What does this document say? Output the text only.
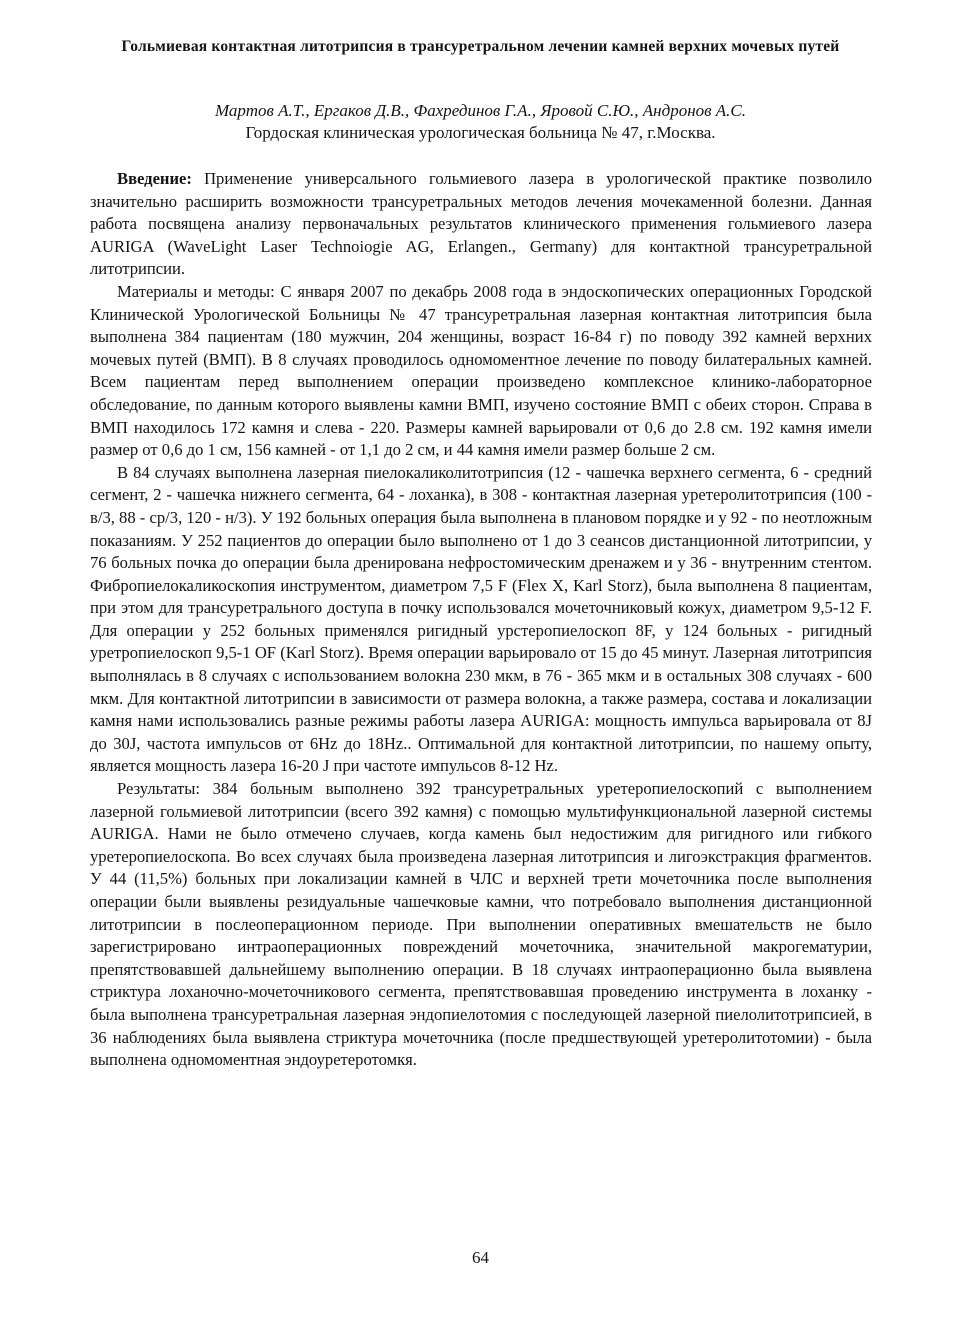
Гольмиевая контактная литотрипсия в трансуретральном лечении камней верхних мочевых путей
Мартов А.Т., Ергаков Д.В., Фахрединов Г.А., Яровой С.Ю., Андронов А.С.
Гордоская клиническая урологическая больница № 47, г.Москва.

Введение: Применение универсального гольмиевого лазера в урологической практике позволило значительно расширить возможности трансуретральных методов лечения мочекаменной болезни. Данная работа посвящена анализу первоначальных результатов клинического применения гольмиевого лазера AURIGA (WaveLight Laser Technoiogie AG, Erlangen., Germany) для контактной трансуретральной литотрипсии.

Материалы и методы: С января 2007 по декабрь 2008 года в эндоскопических операционных Городской Клинической Урологической Больницы № 47 трансуретральная лазерная контактная литотрипсия была выполнена 384 пациентам (180 мужчин, 204 женщины, возраст 16-84 г) по поводу 392 камней верхних мочевых путей (ВМП). В 8 случаях проводилось одномоментное лечение по поводу билатеральных камней. Всем пациентам перед выполнением операции произведено комплексное клинико-лабораторное обследование, по данным которого выявлены камни ВМП, изучено состояние ВМП с обеих сторон. Справа в ВМП находилось 172 камня и слева - 220. Размеры камней варьировали от 0,6 до 2.8 см. 192 камня имели размер от 0,6 до 1 см, 156 камней - от 1,1 до 2 см, и 44 камня имели размер больше 2 см.

В 84 случаях выполнена лазерная пиелокаликолитотрипсия (12 - чашечка верхнего сегмента, 6 - средний сегмент, 2 - чашечка нижнего сегмента, 64 - лоханка), в 308 - контактная лазерная уретеролитотрипсия (100 - в/3, 88 - ср/3, 120 - н/3). У 192 больных операция была выполнена в плановом порядке и у 92 - по неотложным показаниям. У 252 пациентов до операции было выполнено от 1 до 3 сеансов дистанционной литотрипсии, у 76 больных почка до операции была дренирована нефростомическим дренажем и у 36 - внутренним стентом. Фибропиелокаликоскопия инструментом, диаметром 7,5 F (Flex X, Karl Storz), была выполнена 8 пациентам, при этом для трансуретрального доступа в почку использовался мочеточниковый кожух, диаметром 9,5-12 F. Для операции у 252 больных применялся ригидный урстеропиелоскоп 8F, у 124 больных - ригидный уретропиелоскоп 9,5-1 OF (Karl Storz). Время операции варьировало от 15 до 45 минут. Лазерная литотрипсия выполнялась в 8 случаях с использованием волокна 230 мкм, в 76 - 365 мкм и в остальных 308 случаях - 600 мкм. Для контактной литотрипсии в зависимости от размера волокна, а также размера, состава и локализации камня нами использовались разные режимы работы лазера AURIGA: мощность импульса варьировала от 8J до 30J, частота импульсов от 6Hz до 18Hz.. Оптимальной для контактной литотрипсии, по нашему опыту, является мощность лазера 16-20 J при частоте импульсов 8-12 Hz.

Результаты: 384 больным выполнено 392 трансуретральных уретеропиелоскопий с выполнением лазерной гольмиевой литотрипсии (всего 392 камня) с помощью мультифункциональной лазерной системы AURIGA. Нами не было отмечено случаев, когда камень был недостижим для ригидного или гибкого уретеропиелоскопа. Во всех случаях была произведена лазерная литотрипсия и лигоэкстракция фрагментов. У 44 (11,5%) больных при локализации камней в ЧЛС и верхней трети мочеточника после выполнения операции были выявлены резидуальные чашечковые камни, что потребовало выполнения дистанционной литотрипсии в послеоперационном периоде. При выполнении оперативных вмешательств не было зарегистрировано интраоперационных повреждений мочеточника, значительной макрогематурии, препятствовавшей дальнейшему выполнению операции. В 18 случаях интраоперационно была выявлена стриктура лоханочно-мочеточникового сегмента, препятствовавшая проведению инструмента в лоханку - была выполнена трансуретральная лазерная эндопиелотомия с последующей лазерной пиелолитотрипсией, в 36 наблюдениях была выявлена стриктура мочеточника (после предшествующей уретеролитотомии) - была выполнена одномоментная эндоуретеротомкя.

64
